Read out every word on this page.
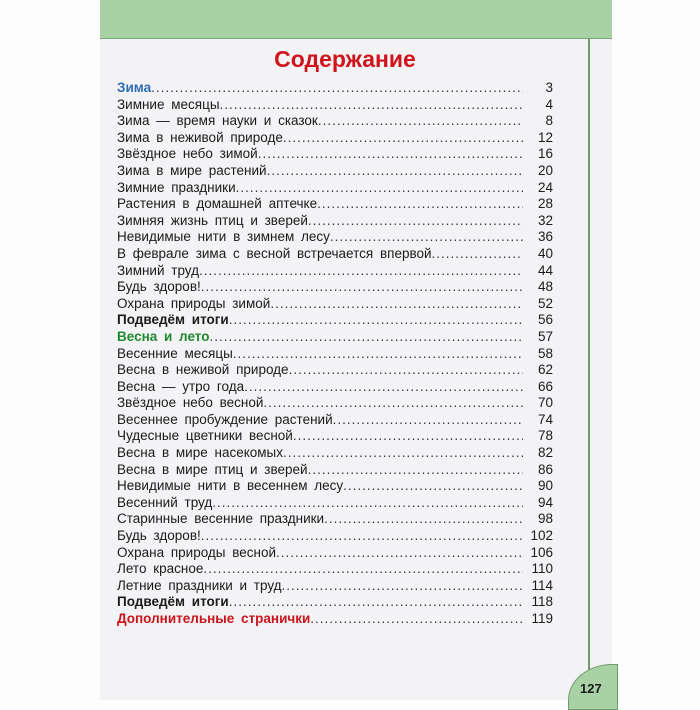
Содержание
Зима .....	3
Зимние месяцы .....	4
Зима — время науки и сказок .....	8
Зима в неживой природе .....	12
Звёздное небо зимой .....	16
Зима в мире растений .....	20
Зимние праздники .....	24
Растения в домашней аптечке .....	28
Зимняя жизнь птиц и зверей .....	32
Невидимые нити в зимнем лесу .....	36
В феврале зима с весной встречается впервой .....	40
Зимний труд .....	44
Будь здоров! .....	48
Охрана природы зимой .....	52
Подведём итоги .....	56
Весна и лето .....	57
Весенние месяцы .....	58
Весна в неживой природе .....	62
Весна — утро года .....	66
Звёздное небо весной .....	70
Весеннее пробуждение растений .....	74
Чудесные цветники весной .....	78
Весна в мире насекомых .....	82
Весна в мире птиц и зверей .....	86
Невидимые нити в весеннем лесу .....	90
Весенний труд .....	94
Старинные весенние праздники .....	98
Будь здоров! .....	102
Охрана природы весной .....	106
Лето красное .....	110
Летние праздники и труд .....	114
Подведём итоги .....	118
Дополнительные странички .....	119
127
